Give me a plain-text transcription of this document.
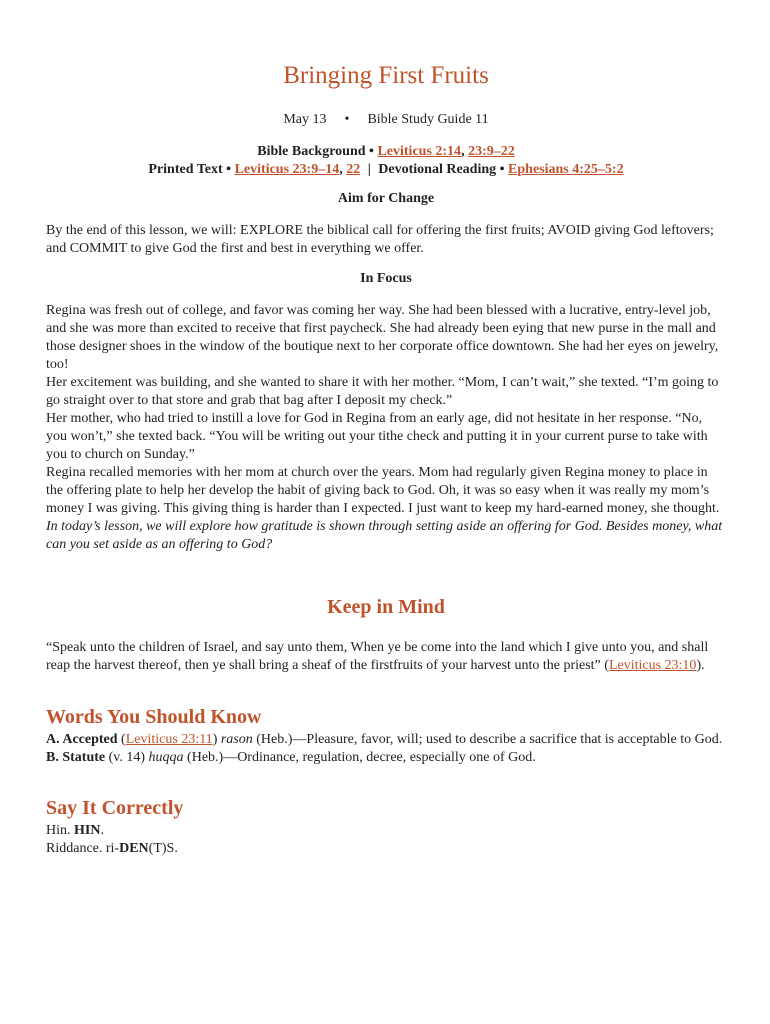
Bringing First Fruits
May 13 • Bible Study Guide 11
Bible Background • Leviticus 2:14, 23:9–22
Printed Text • Leviticus 23:9–14, 22 | Devotional Reading • Ephesians 4:25–5:2
Aim for Change
By the end of this lesson, we will: EXPLORE the biblical call for offering the first fruits; AVOID giving God leftovers; and COMMIT to give God the first and best in everything we offer.
In Focus

Regina was fresh out of college, and favor was coming her way. She had been blessed with a lucrative, entry-level job, and she was more than excited to receive that first paycheck. She had already been eying that new purse in the mall and those designer shoes in the window of the boutique next to her corporate office downtown. She had her eyes on jewelry, too!

Her excitement was building, and she wanted to share it with her mother. “Mom, I can’t wait,” she texted. “I’m going to go straight over to that store and grab that bag after I deposit my check.”

Her mother, who had tried to instill a love for God in Regina from an early age, did not hesitate in her response. “No, you won’t,” she texted back. “You will be writing out your tithe check and putting it in your current purse to take with you to church on Sunday.”

Regina recalled memories with her mom at church over the years. Mom had regularly given Regina money to place in the offering plate to help her develop the habit of giving back to God. Oh, it was so easy when it was really my mom’s money I was giving. This giving thing is harder than I expected. I just want to keep my hard-earned money, she thought.

In today’s lesson, we will explore how gratitude is shown through setting aside an offering for God. Besides money, what can you set aside as an offering to God?

Keep in Mind
“Speak unto the children of Israel, and say unto them, When ye be come into the land which I give unto you, and shall reap the harvest thereof, then ye shall bring a sheaf of the firstfruits of your harvest unto the priest” (Leviticus 23:10).
Words You Should Know

A. Accepted (Leviticus 23:11) rason (Heb.)—Pleasure, favor, will; used to describe a sacrifice that is acceptable to God.

B. Statute (v. 14) huqqa (Heb.)—Ordinance, regulation, decree, especially one of God.

Say It Correctly

Hin. HIN.

Riddance. ri-DEN(T)S.
